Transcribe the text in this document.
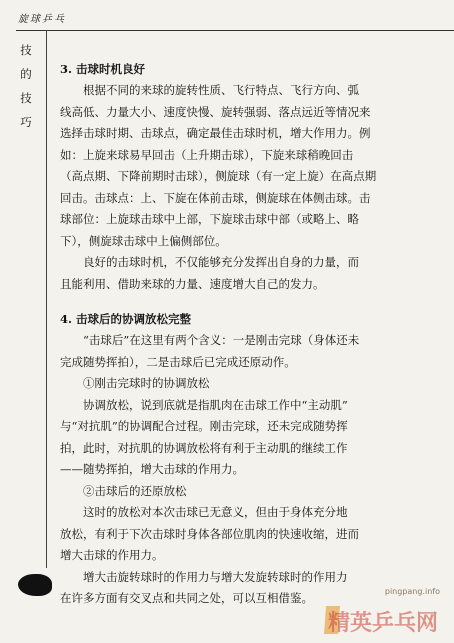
旋球乒乓
技
的
技
巧

3. 击球时机良好

根据不同的来球的旋转性质、飞行特点、飞行方向、弧
线高低、力量大小、速度快慢、旋转强弱、落点远近等情况来
选择击球时期、击球点，确定最佳击球时机，增大作用力。例
如：上旋来球易早回击（上升期击球），下旋来球稍晚回击
（高点期、下降前期时击球），侧旋球（有一定上旋）在高点期
回击。击球点：上、下旋在体前击球，侧旋球在体侧击球。击
球部位：上旋球击球中上部，下旋球击球中部（或略上、略
下），侧旋球击球中上偏侧部位。
良好的击球时机，不仅能够充分发挥出自身的力量，而
且能利用、借助来球的力量、速度增大自己的发力。

4. 击球后的协调放松完整

“击球后”在这里有两个含义：一是刚击完球（身体还未
完成随势挥拍），二是击球后已完成还原动作。

①刚击完球时的协调放松

协调放松，说到底就是指肌肉在击球工作中“主动肌”
与“对抗肌”的协调配合过程。刚击完球，还未完成随势挥
拍，此时，对抗肌的协调放松将有利于主动肌的继续工作
——随势挥拍，增大击球的作用力。

②击球后的还原放松

这时的放松对本次击球已无意义，但由于身体充分地
放松，有利于下次击球时身体各部位肌肉的快速收缩，进而
增大击球的作用力。
增大击旋转球时的作用力与增大发旋转球时的作用力
在许多方面有交叉点和共同之处，可以互相借鉴。	pingpang.info
精英乒乓网
